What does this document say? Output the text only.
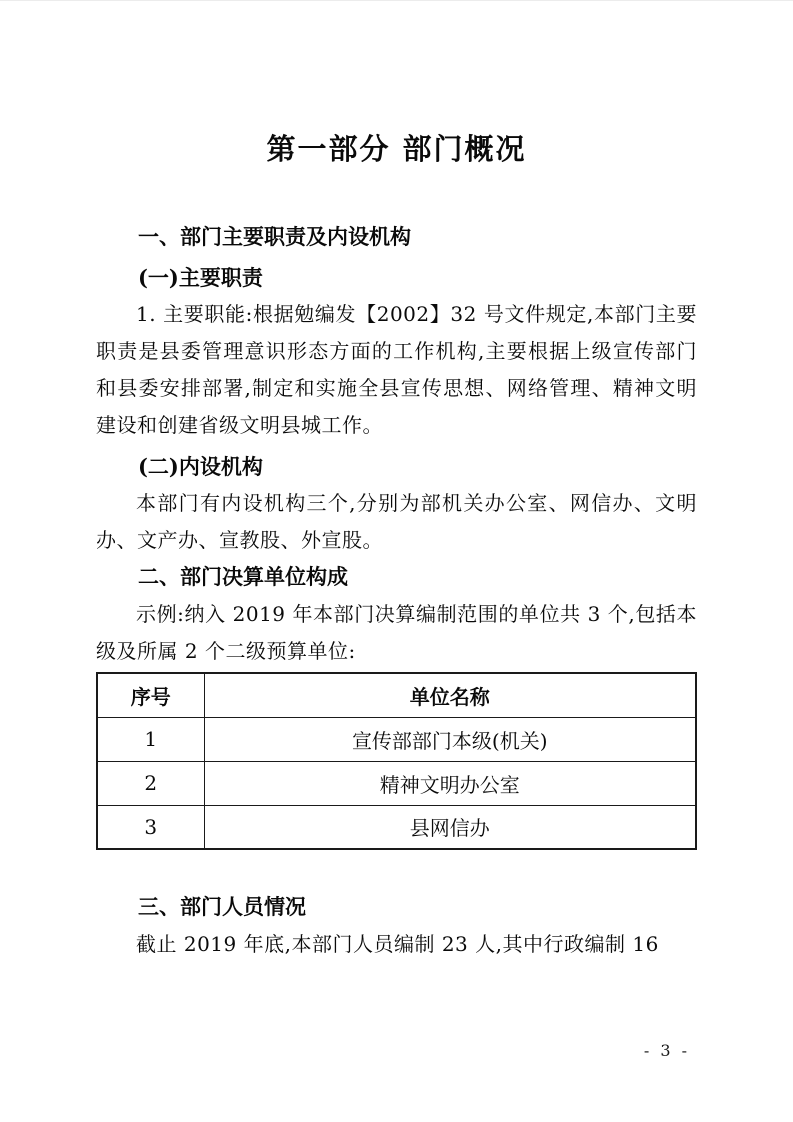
第一部分 部门概况
一、部门主要职责及内设机构
(一)主要职责
1. 主要职能:根据勉编发【2002】32 号文件规定,本部门主要职责是县委管理意识形态方面的工作机构,主要根据上级宣传部门和县委安排部署,制定和实施全县宣传思想、网络管理、精神文明建设和创建省级文明县城工作。
(二)内设机构
本部门有内设机构三个,分别为部机关办公室、网信办、文明办、文产办、宣教股、外宣股。
二、部门决算单位构成
示例:纳入 2019 年本部门决算编制范围的单位共 3 个,包括本级及所属 2 个二级预算单位:
序号	单位名称
1	宣传部部门本级(机关)
2	精神文明办公室
3	县网信办
三、部门人员情况
截止 2019 年底,本部门人员编制 23 人,其中行政编制 16
- 3 -
